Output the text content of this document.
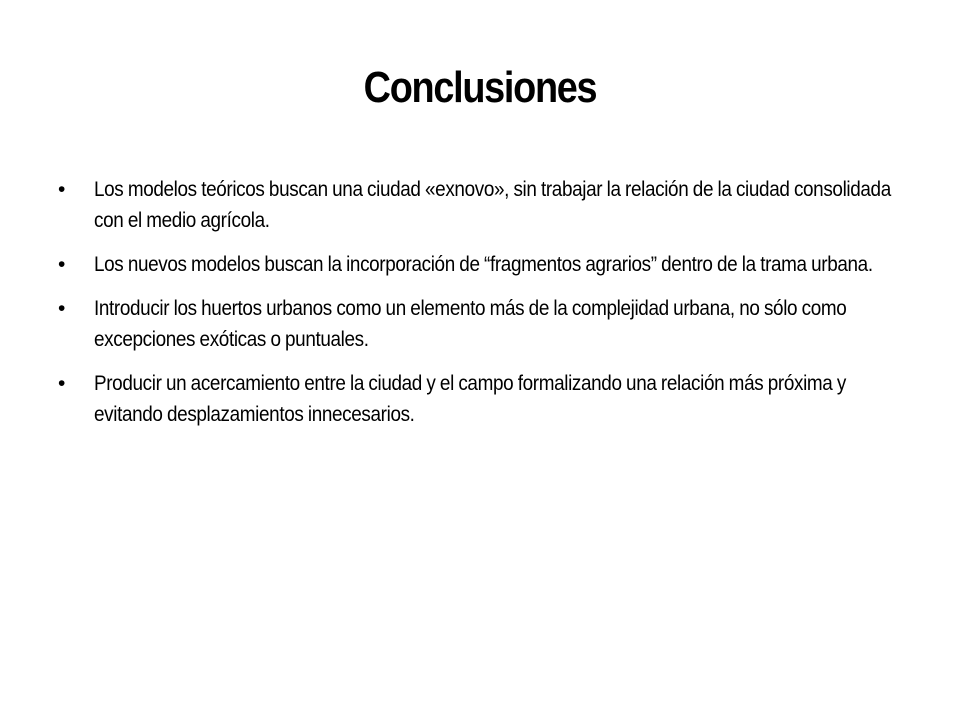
Conclusiones
•	Los modelos teóricos buscan una ciudad «exnovo», sin trabajar la relación de la ciudad consolidada con el medio agrícola.
•	Los nuevos modelos buscan la incorporación de “fragmentos agrarios” dentro de la trama urbana.
•	Introducir los huertos urbanos como un elemento más de la complejidad urbana, no sólo como excepciones exóticas o puntuales.
•	Producir un acercamiento entre la ciudad y el campo formalizando una relación más próxima y evitando desplazamientos innecesarios.
